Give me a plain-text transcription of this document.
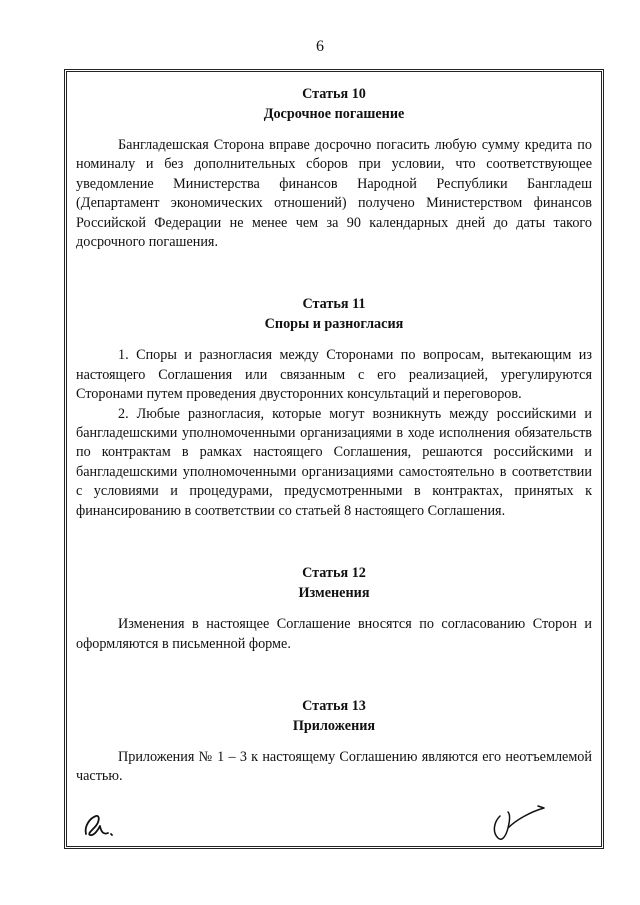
6
Статья 10
Досрочное погашение

Бангладешская Сторона вправе досрочно погасить любую сумму кредита по номиналу и без дополнительных сборов при условии, что соответствующее уведомление Министерства финансов Народной Республики Бангладеш (Департамент экономических отношений) получено Министерством финансов Российской Федерации не менее чем за 90 календарных дней до даты такого досрочного погашения.

Статья 11
Споры и разногласия

1. Споры и разногласия между Сторонами по вопросам, вытекающим из настоящего Соглашения или связанным с его реализацией, урегулируются Сторонами путем проведения двусторонних консультаций и переговоров.

2. Любые разногласия, которые могут возникнуть между российскими и бангладешскими уполномоченными организациями в ходе исполнения обязательств по контрактам в рамках настоящего Соглашения, решаются российскими и бангладешскими уполномоченными организациями самостоятельно в соответствии с условиями и процедурами, предусмотренными в контрактах, принятых к финансированию в соответствии со статьей 8 настоящего Соглашения.

Статья 12
Изменения

Изменения в настоящее Соглашение вносятся по согласованию Сторон и оформляются в письменной форме.

Статья 13
Приложения

Приложения № 1 – 3 к настоящему Соглашению являются его неотъемлемой частью.
